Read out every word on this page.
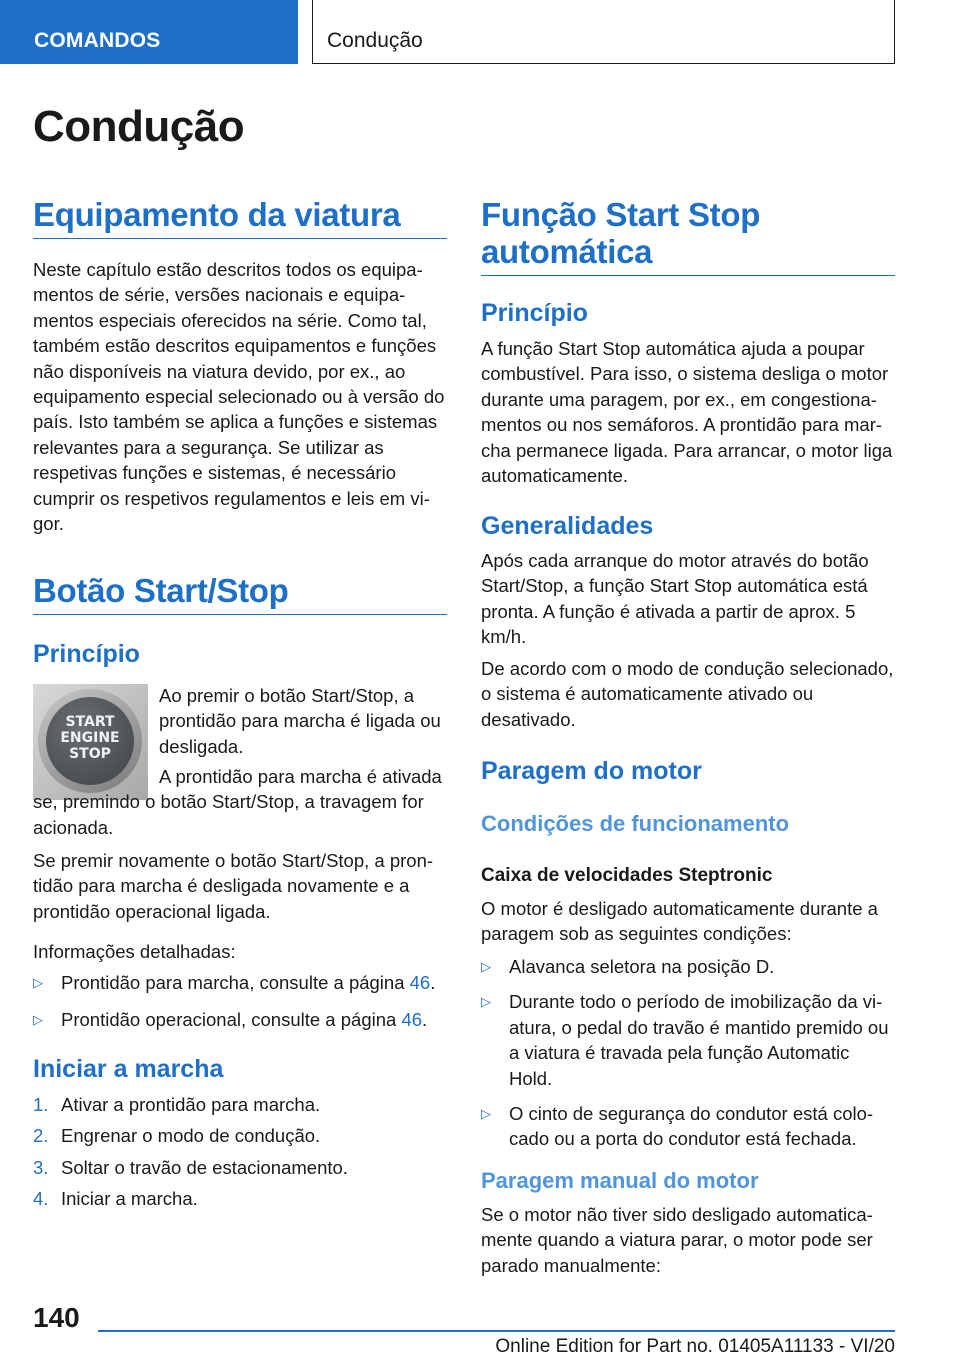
COMANDOS	Condução
Condução
Equipamento da viatura

Neste capítulo estão descritos todos os equipamentos de série, versões nacionais e equipamentos especiais oferecidos na série. Como tal, também estão descritos equipamentos e funções não disponíveis na viatura devido, por ex., ao equipamento especial selecionado ou à versão do país. Isto também se aplica a funções e sistemas relevantes para a segurança. Se utilizar as respetivas funções e sistemas, é necessário cumprir os respetivos regulamentos e leis em vigor.

Botão Start/Stop
Princípio
START
ENGINE
STOP

Ao premir o botão Start/Stop, a prontidão para marcha é ligada ou desligada.

A prontidão para marcha é ativada se, premindo o botão Start/Stop, a travagem for acionada.

Se premir novamente o botão Start/Stop, a prontidão para marcha é desligada novamente e a prontidão operacional ligada.

Informações detalhadas:

▷ Prontidão para marcha, consulte a página 46.
▷ Prontidão operacional, consulte a página 46.
Iniciar a marcha
1. Ativar a prontidão para marcha.
2. Engrenar o modo de condução.
3. Soltar o travão de estacionamento.
4. Iniciar a marcha.
Função Start Stop automática
Princípio

A função Start Stop automática ajuda a poupar combustível. Para isso, o sistema desliga o motor durante uma paragem, por ex., em congestionamentos ou nos semáforos. A prontidão para marcha permanece ligada. Para arrancar, o motor liga automaticamente.

Generalidades

Após cada arranque do motor através do botão Start/Stop, a função Start Stop automática está pronta. A função é ativada a partir de aprox. 5 km/h.

De acordo com o modo de condução selecionado, o sistema é automaticamente ativado ou desativado.

Paragem do motor
Condições de funcionamento
Caixa de velocidades Steptronic

O motor é desligado automaticamente durante a paragem sob as seguintes condições:

▷ Alavanca seletora na posição D.
▷ Durante todo o período de imobilização da viatura, o pedal do travão é mantido premido ou a viatura é travada pela função Automatic Hold.
▷ O cinto de segurança do condutor está colocado ou a porta do condutor está fechada.
Paragem manual do motor

Se o motor não tiver sido desligado automaticamente quando a viatura parar, o motor pode ser parado manualmente:

140
Online Edition for Part no. 01405A11133 - VI/20
